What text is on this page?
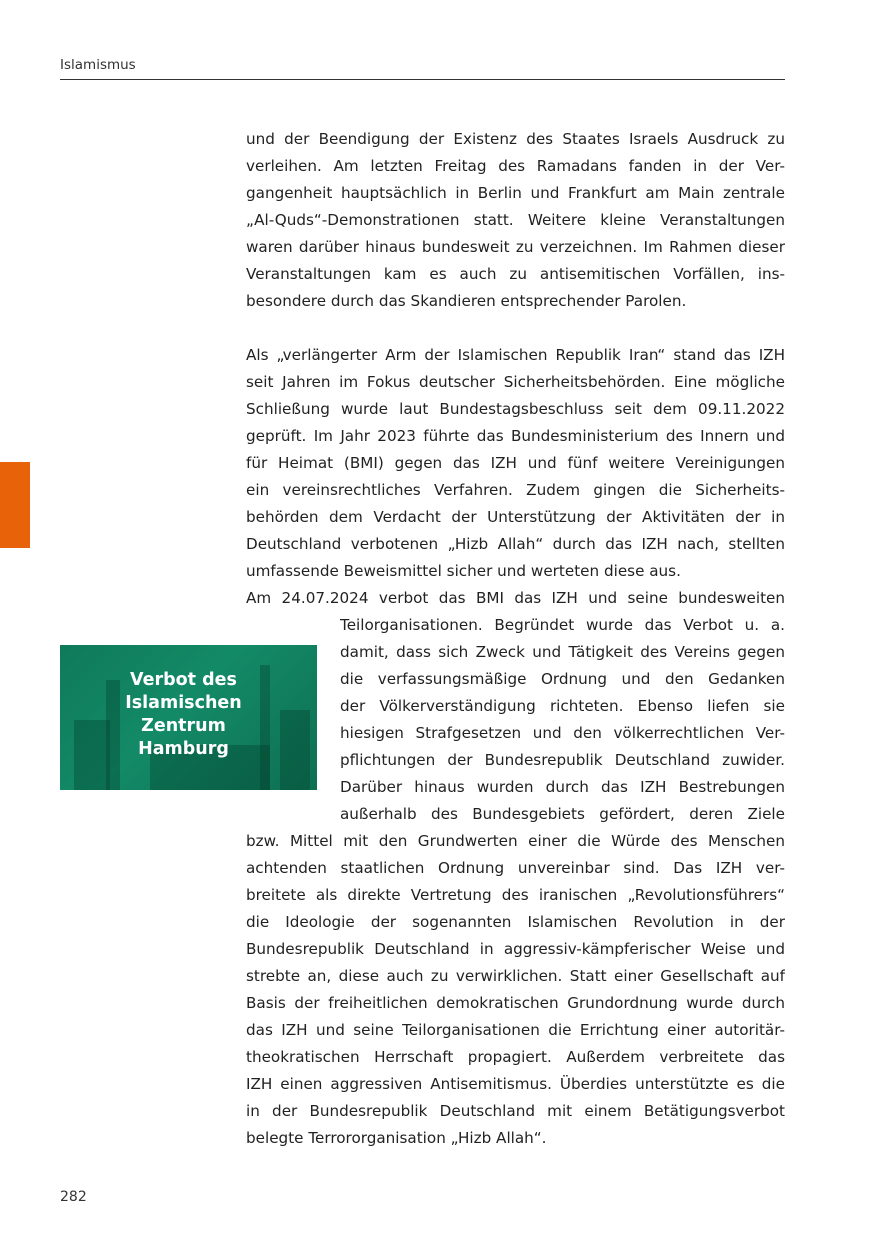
Islamismus
und der Beendigung der Existenz des Staates Israels Ausdruck zu
verleihen. Am letzten Freitag des Ramadans fanden in der Ver-
gangenheit hauptsächlich in Berlin und Frankfurt am Main zentrale
„Al-Quds“-Demonstrationen statt. Weitere kleine Veranstaltungen
waren darüber hinaus bundesweit zu verzeichnen. Im Rahmen dieser
Veranstaltungen kam es auch zu antisemitischen Vorfällen, ins-
besondere durch das Skandieren entsprechender Parolen.
Als „verlängerter Arm der Islamischen Republik Iran“ stand das IZH
seit Jahren im Fokus deutscher Sicherheitsbehörden. Eine mögliche
Schließung wurde laut Bundestagsbeschluss seit dem 09.11.2022
geprüft. Im Jahr 2023 führte das Bundesministerium des Innern und
für Heimat (BMI) gegen das IZH und fünf weitere Vereinigungen
ein vereinsrechtliches Verfahren. Zudem gingen die Sicherheits-
behörden dem Verdacht der Unterstützung der Aktivitäten der in
Deutschland verbotenen „Hizb Allah“ durch das IZH nach, stellten
umfassende Beweismittel sicher und werteten diese aus.
Am 24.07.2024 verbot das BMI das IZH und seine bundesweiten
Verbot des
Islamischen
Zentrum
Hamburg
Teilorganisationen. Begründet wurde das Verbot u. a.
damit, dass sich Zweck und Tätigkeit des Vereins gegen
die verfassungsmäßige Ordnung und den Gedanken
der Völkerverständigung richteten. Ebenso liefen sie
hiesigen Strafgesetzen und den völkerrechtlichen Ver-
pflichtungen der Bundesrepublik Deutschland zuwider.
Darüber hinaus wurden durch das IZH Bestrebungen
außerhalb des Bundesgebiets gefördert, deren Ziele
bzw. Mittel mit den Grundwerten einer die Würde des Menschen
achtenden staatlichen Ordnung unvereinbar sind. Das IZH ver-
breitete als direkte Vertretung des iranischen „Revolutionsführers“
die Ideologie der sogenannten Islamischen Revolution in der
Bundesrepublik Deutschland in aggressiv-kämpferischer Weise und
strebte an, diese auch zu verwirklichen. Statt einer Gesellschaft auf
Basis der freiheitlichen demokratischen Grundordnung wurde durch
das IZH und seine Teilorganisationen die Errichtung einer autoritär-
theokratischen Herrschaft propagiert. Außerdem verbreitete das
IZH einen aggressiven Antisemitismus. Überdies unterstützte es die
in der Bundesrepublik Deutschland mit einem Betätigungsverbot
belegte Terrororganisation „Hizb Allah“.
282
